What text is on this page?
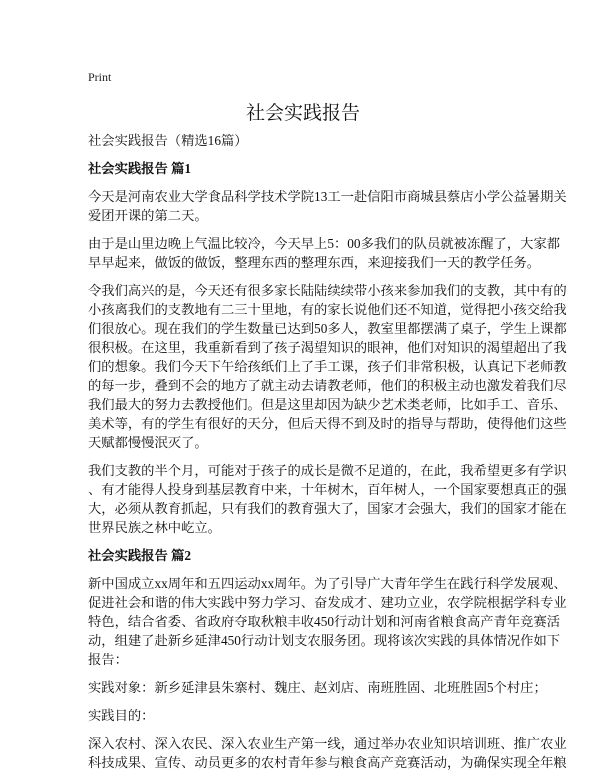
Print
社会实践报告
社会实践报告（精选16篇）
社会实践报告 篇1
今天是河南农业大学食品科学技术学院13工一赴信阳市商城县蔡店小学公益暑期关
爱团开课的第二天。
由于是山里边晚上气温比较冷，今天早上5：00多我们的队员就被冻醒了，大家都
早早起来，做饭的做饭，整理东西的整理东西，来迎接我们一天的教学任务。
令我们高兴的是，今天还有很多家长陆陆续续带小孩来参加我们的支教，其中有的
小孩离我们的支教地有二三十里地，有的家长说他们还不知道，觉得把小孩交给我
们很放心。现在我们的学生数量已达到50多人，教室里都摆满了桌子，学生上课都
很积极。在这里，我重新看到了孩子渴望知识的眼神，他们对知识的渴望超出了我
们的想象。我们今天下午给孩纸们上了手工课，孩子们非常积极，认真记下老师教
的每一步，叠到不会的地方了就主动去请教老师，他们的积极主动也激发着我们尽
我们最大的努力去教授他们。但是这里却因为缺少艺术类老师，比如手工、音乐、
美术等，有的学生有很好的天分，但后天得不到及时的指导与帮助，使得他们这些
天赋都慢慢泯灭了。
我们支教的半个月，可能对于孩子的成长是微不足道的，在此，我希望更多有学识
、有才能得人投身到基层教育中来，十年树木，百年树人，一个国家要想真正的强
大，必须从教育抓起，只有我们的教育强大了，国家才会强大，我们的国家才能在
世界民族之林中屹立。
社会实践报告 篇2
新中国成立xx周年和五四运动xx周年。为了引导广大青年学生在践行科学发展观、
促进社会和谐的伟大实践中努力学习、奋发成才、建功立业，农学院根据学科专业
特色，结合省委、省政府夺取秋粮丰收450行动计划和河南省粮食高产青年竞赛活
动，组建了赴新乡延津450行动计划支农服务团。现将该次实践的具体情况作如下
报告：
实践对象：新乡延津县朱寨村、魏庄、赵刘店、南班胜固、北班胜固5个村庄；
实践目的：
深入农村、深入农民、深入农业生产第一线，通过举办农业知识培训班、推广农业
科技成果、宣传、动员更多的农村青年参与粮食高产竞赛活动，为确保实现全年粮
